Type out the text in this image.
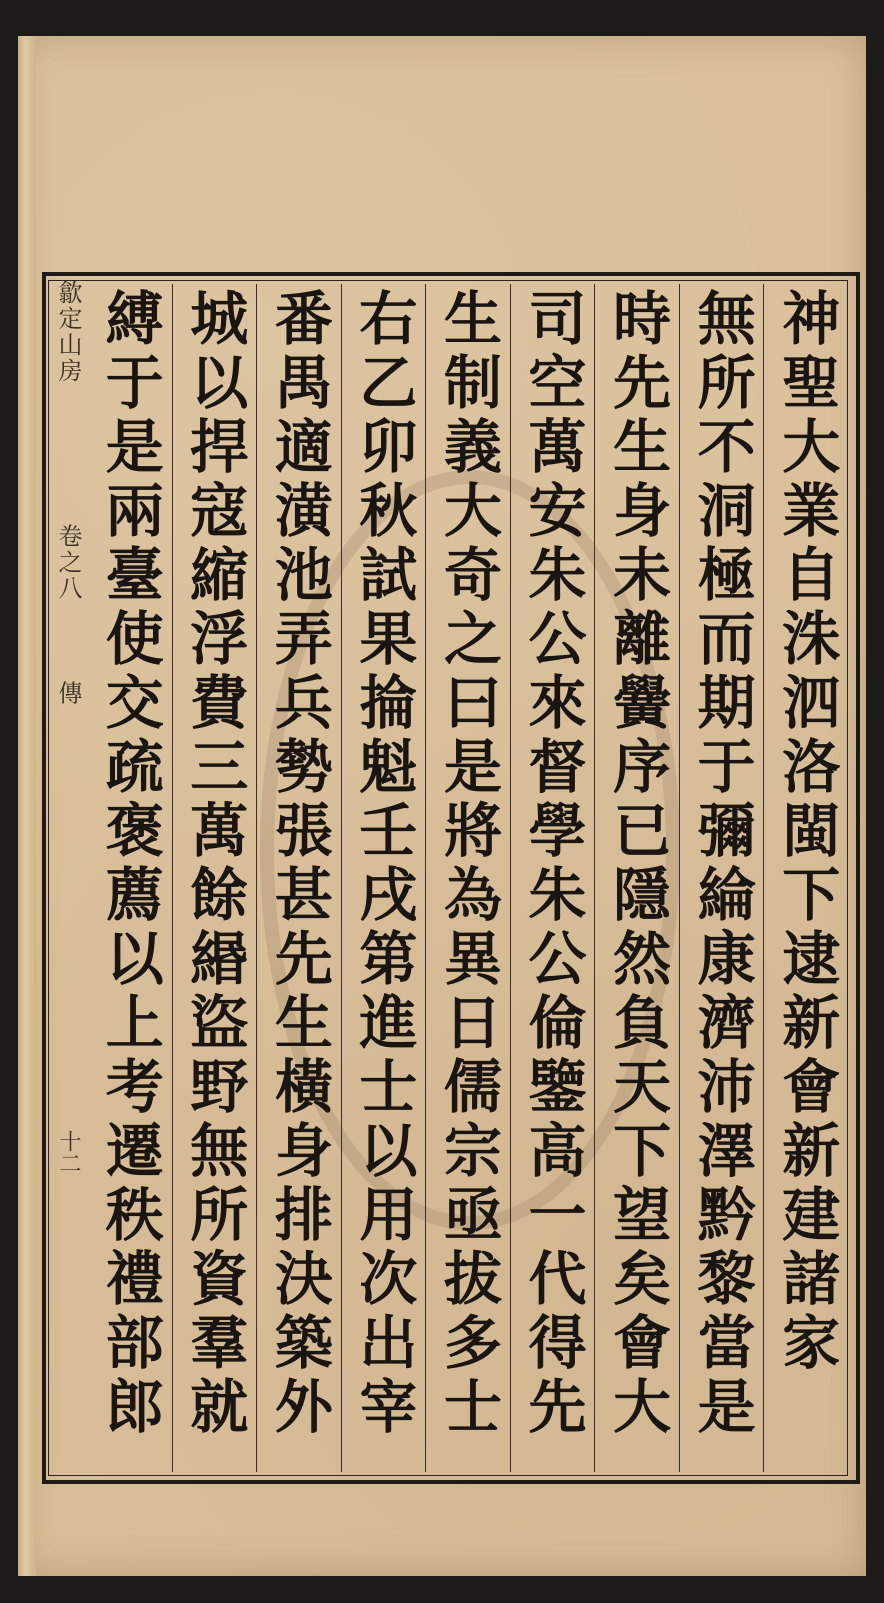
歙定山房  卷之八  傳
十二	神聖大業自洙泗洛閩下逮新會新建諸家
無所不洞極而期于彌綸康濟沛澤黔黎當是
時先生身未離黌序已隱然負天下望矣會大
司空萬安朱公來督學朱公倫鑒高一代得先
生制義大奇之曰是將為異日儒宗亟拔多士
右乙卯秋試果掄魁壬戌第進士以用次出宰
番禺適潢池弄兵勢張甚先生橫身排決築外
城以捍寇縮浮費三萬餘緡盜野無所資羣就
縛于是兩臺使交疏褒薦以上考遷秩禮部郎
